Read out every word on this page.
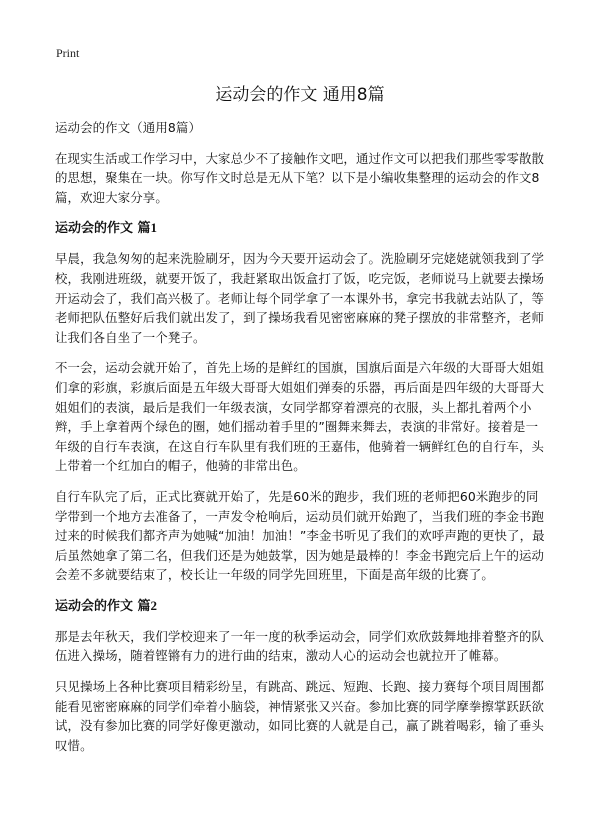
Print
运动会的作文 通用8篇

运动会的作文（通用8篇）

在现实生活或工作学习中，大家总少不了接触作文吧，通过作文可以把我们那些零零散散的思想，聚集在一块。你写作文时总是无从下笔？以下是小编收集整理的运动会的作文8篇，欢迎大家分享。

运动会的作文 篇1

早晨，我急匆匆的起来洗脸刷牙，因为今天要开运动会了。洗脸刷牙完姥姥就领我到了学校，我刚进班级，就要开饭了，我赶紧取出饭盒打了饭，吃完饭，老师说马上就要去操场开运动会了，我们高兴极了。老师让每个同学拿了一本课外书，拿完书我就去站队了，等老师把队伍整好后我们就出发了，到了操场我看见密密麻麻的凳子摆放的非常整齐，老师让我们各自坐了一个凳子。

不一会，运动会就开始了，首先上场的是鲜红的国旗，国旗后面是六年级的大哥哥大姐姐们拿的彩旗，彩旗后面是五年级大哥哥大姐姐们弹奏的乐器，再后面是四年级的大哥哥大姐姐们的表演，最后是我们一年级表演，女同学都穿着漂亮的衣服，头上都扎着两个小辫，手上拿着两个绿色的圈，她们摇动着手里的”圈舞来舞去，表演的非常好。接着是一年级的自行车表演，在这自行车队里有我们班的王嘉伟，他骑着一辆鲜红色的自行车，头上带着一个红加白的帽子，他骑的非常出色。

自行车队完了后，正式比赛就开始了，先是60米的跑步，我们班的老师把60米跑步的同学带到一个地方去准备了，一声发令枪响后，运动员们就开始跑了，当我们班的李金书跑过来的时候我们都齐声为她喊“加油！加油！”李金书听见了我们的欢呼声跑的更快了，最后虽然她拿了第二名，但我们还是为她鼓掌，因为她是最棒的！李金书跑完后上午的运动会差不多就要结束了，校长让一年级的同学先回班里，下面是高年级的比赛了。

运动会的作文 篇2

那是去年秋天，我们学校迎来了一年一度的秋季运动会，同学们欢欣鼓舞地排着整齐的队伍进入操场，随着铿锵有力的进行曲的结束，激动人心的运动会也就拉开了帷幕。

只见操场上各种比赛项目精彩纷呈，有跳高、跳远、短跑、长跑、接力赛每个项目周围都能看见密密麻麻的同学们牵着小脑袋，神情紧张又兴奋。参加比赛的同学摩拳擦掌跃跃欲试，没有参加比赛的同学好像更激动，如同比赛的人就是自己，赢了跳着喝彩，输了垂头叹惜。
